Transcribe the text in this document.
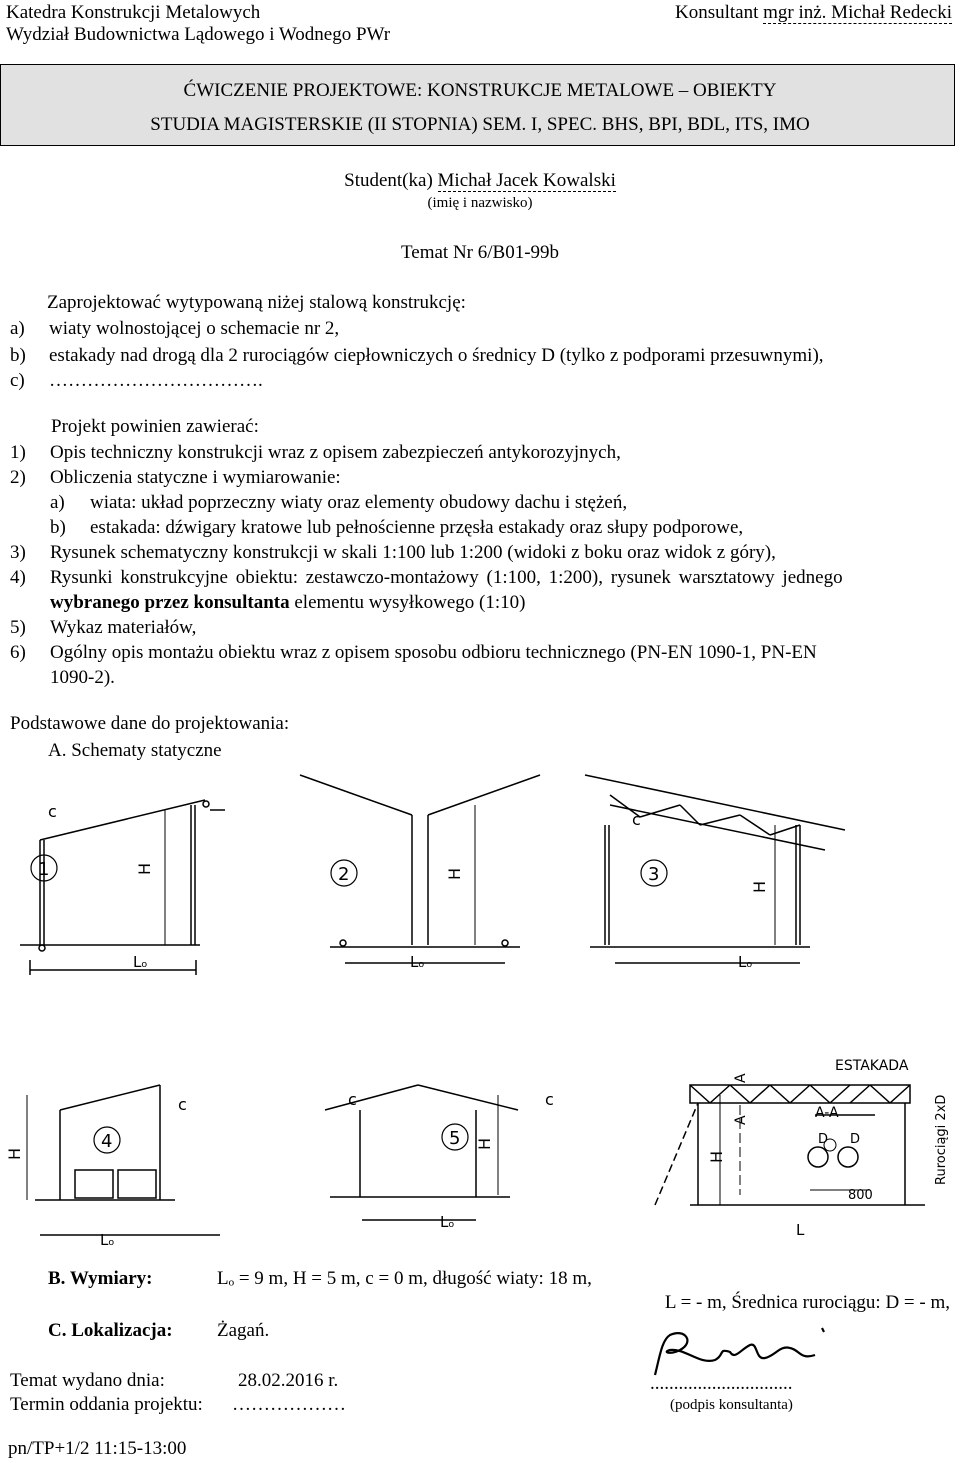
Katedra Konstrukcji Metalowych
Wydział Budownictwa Lądowego i Wodnego PWr
Konsultant mgr inż. Michał Redecki
ĆWICZENIE PROJEKTOWE: KONSTRUKCJE METALOWE – OBIEKTY
STUDIA MAGISTERSKIE (II STOPNIA) SEM. I, SPEC. BHS, BPI, BDL, ITS, IMO
Student(ka) Michał Jacek Kowalski
(imię i nazwisko)
Temat Nr 6/B01-99b
Zaprojektować wytypowaną niżej stalową konstrukcję:
a) wiaty wolnostojącej o schemacie nr 2,
b) estakady nad drogą dla 2 rurociągów ciepłowniczych o średnicy D (tylko z podporami przesuwnymi),
c) …………………………….
Projekt powinien zawierać:
1) Opis techniczny konstrukcji wraz z opisem zabezpieczeń antykorozyjnych,
2) Obliczenia statyczne i wymiarowanie:
a) wiata: układ poprzeczny wiaty oraz elementy obudowy dachu i stężeń,
b) estakada: dźwigary kratowe lub pełnościenne przęsła estakady oraz słupy podporowe,
3) Rysunek schematyczny konstrukcji w skali 1:100 lub 1:200 (widoki z boku oraz widok z góry),
4) Rysunki konstrukcyjne obiektu: zestawczo-montażowy (1:100, 1:200), rysunek warsztatowy jednego
wybranego przez konsultanta elementu wysyłkowego (1:10)
5) Wykaz materiałów,
6) Ogólny opis montażu obiektu wraz z opisem sposobu odbioru technicznego (PN-EN 1090-1, PN-EN
1090-2).
Podstawowe dane do projektowania:
A. Schematy statyczne
c
H
1
Lₒ
H
2
Lₒ
c
H
3
Lₒ
H
c
4
Lₒ
c	c
H
5
Lₒ
ESTAKADA
A-A
A
A
D D
800
H
L
Rurociągi 2xD
B. Wymiary:	Lₒ = 9 m, H = 5 m, c = 0 m, długość wiaty: 18 m,
L = - m, Średnica rurociągu: D = - m,
C. Lokalizacja: Żagań.
Temat wydano dnia:	28.02.2016 r.
Termin oddania projektu: ………………
..............................
(podpis konsultanta)
pn/TP+1/2 11:15-13:00
